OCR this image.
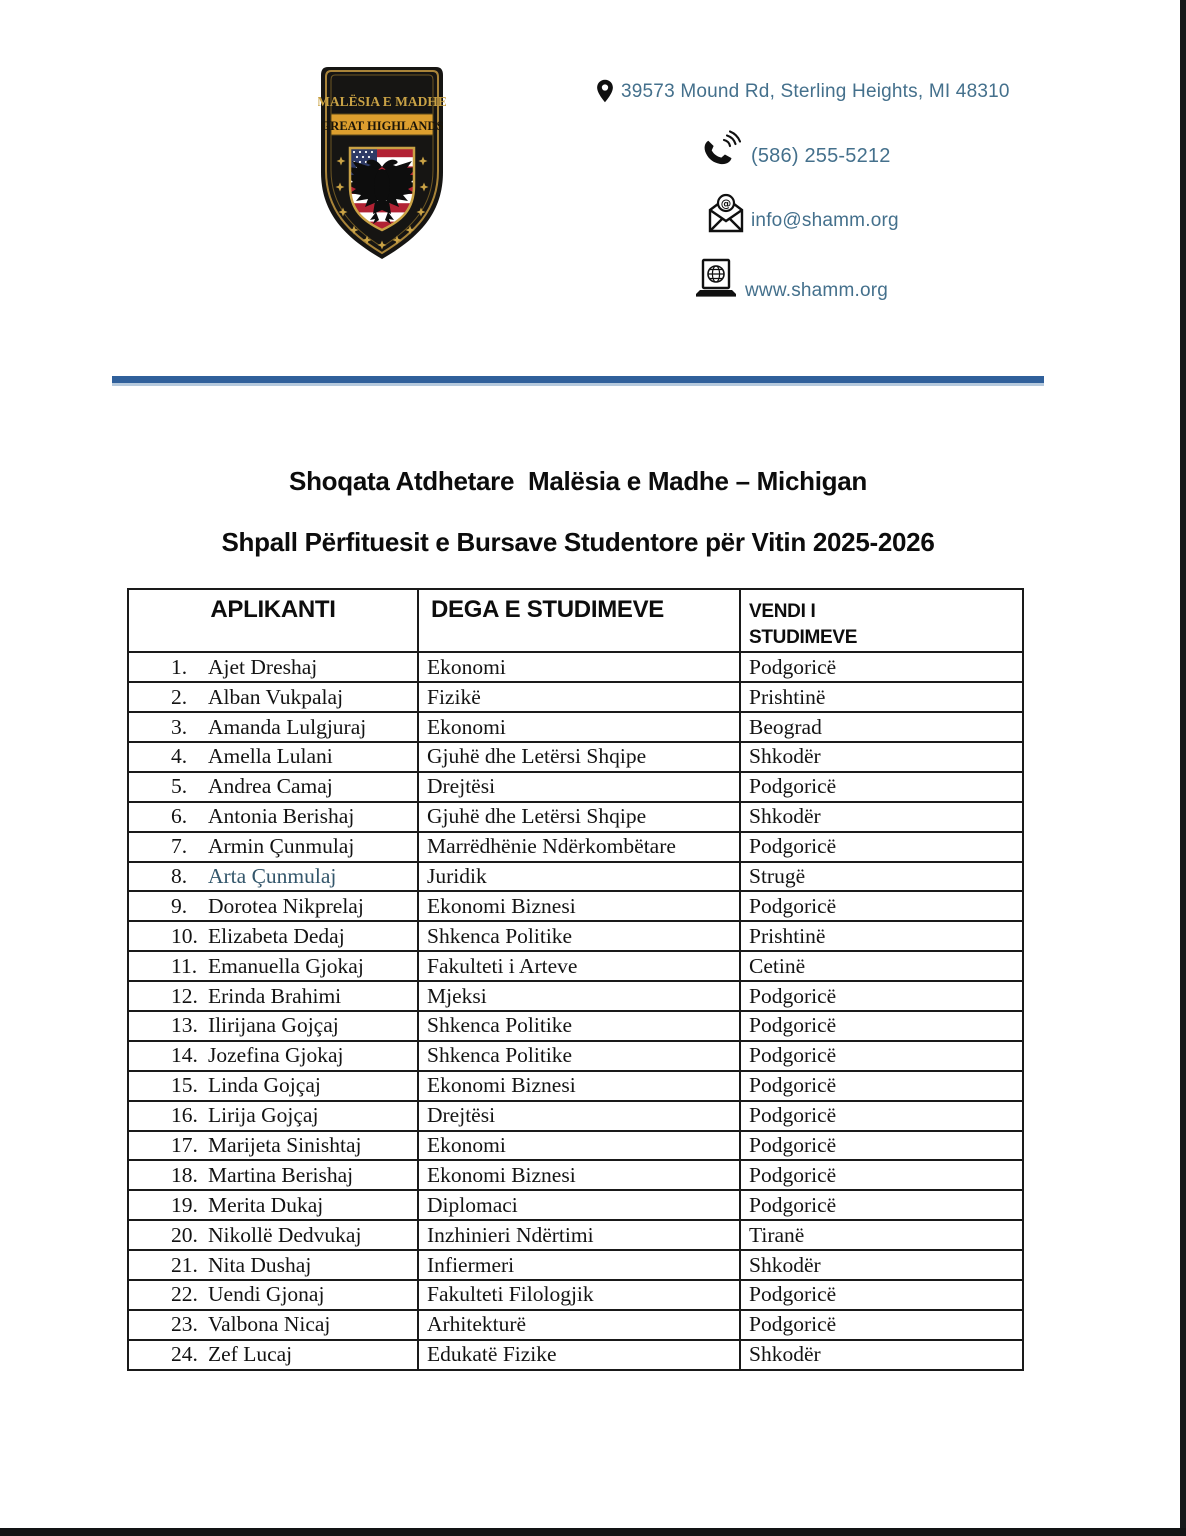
MALËSIA E MADHE
GREAT HIGHLANDS
39573 Mound Rd, Sterling Heights, MI 48310
(586) 255-5212
@
info@shamm.org
www.shamm.org
Shoqata Atdhetare  Malësia e Madhe – Michigan
Shpall Përfituesit e Bursave Studentore për Vitin 2025-2026
APLIKANTI	DEGA E STUDIMEVE	VENDI I STUDIMEVE

1. Ajet Dreshaj	Ekonomi	Podgoricë
2. Alban Vukpalaj	Fizikë	Prishtinë
3. Amanda Lulgjuraj	Ekonomi	Beograd
4. Amella Lulani	Gjuhë dhe Letërsi Shqipe	Shkodër
5. Andrea Camaj	Drejtësi	Podgoricë
6. Antonia Berishaj	Gjuhë dhe Letërsi Shqipe	Shkodër
7. Armin Çunmulaj	Marrëdhënie Ndërkombëtare	Podgoricë
8. Arta Çunmulaj	Juridik	Strugë
9. Dorotea Nikprelaj	Ekonomi Biznesi	Podgoricë
10. Elizabeta Dedaj	Shkenca Politike	Prishtinë
11. Emanuella Gjokaj	Fakulteti i Arteve	Cetinë
12. Erinda Brahimi	Mjeksi	Podgoricë
13. Ilirijana Gojçaj	Shkenca Politike	Podgoricë
14. Jozefina Gjokaj	Shkenca Politike	Podgoricë
15. Linda Gojçaj	Ekonomi Biznesi	Podgoricë
16. Lirija Gojçaj	Drejtësi	Podgoricë
17. Marijeta Sinishtaj	Ekonomi	Podgoricë
18. Martina Berishaj	Ekonomi Biznesi	Podgoricë
19. Merita Dukaj	Diplomaci	Podgoricë
20. Nikollë Dedvukaj	Inzhinieri Ndërtimi	Tiranë
21. Nita Dushaj	Infiermeri	Shkodër
22. Uendi Gjonaj	Fakulteti Filologjik	Podgoricë
23. Valbona Nicaj	Arhitekturë	Podgoricë
24. Zef Lucaj	Edukatë Fizike	Shkodër
